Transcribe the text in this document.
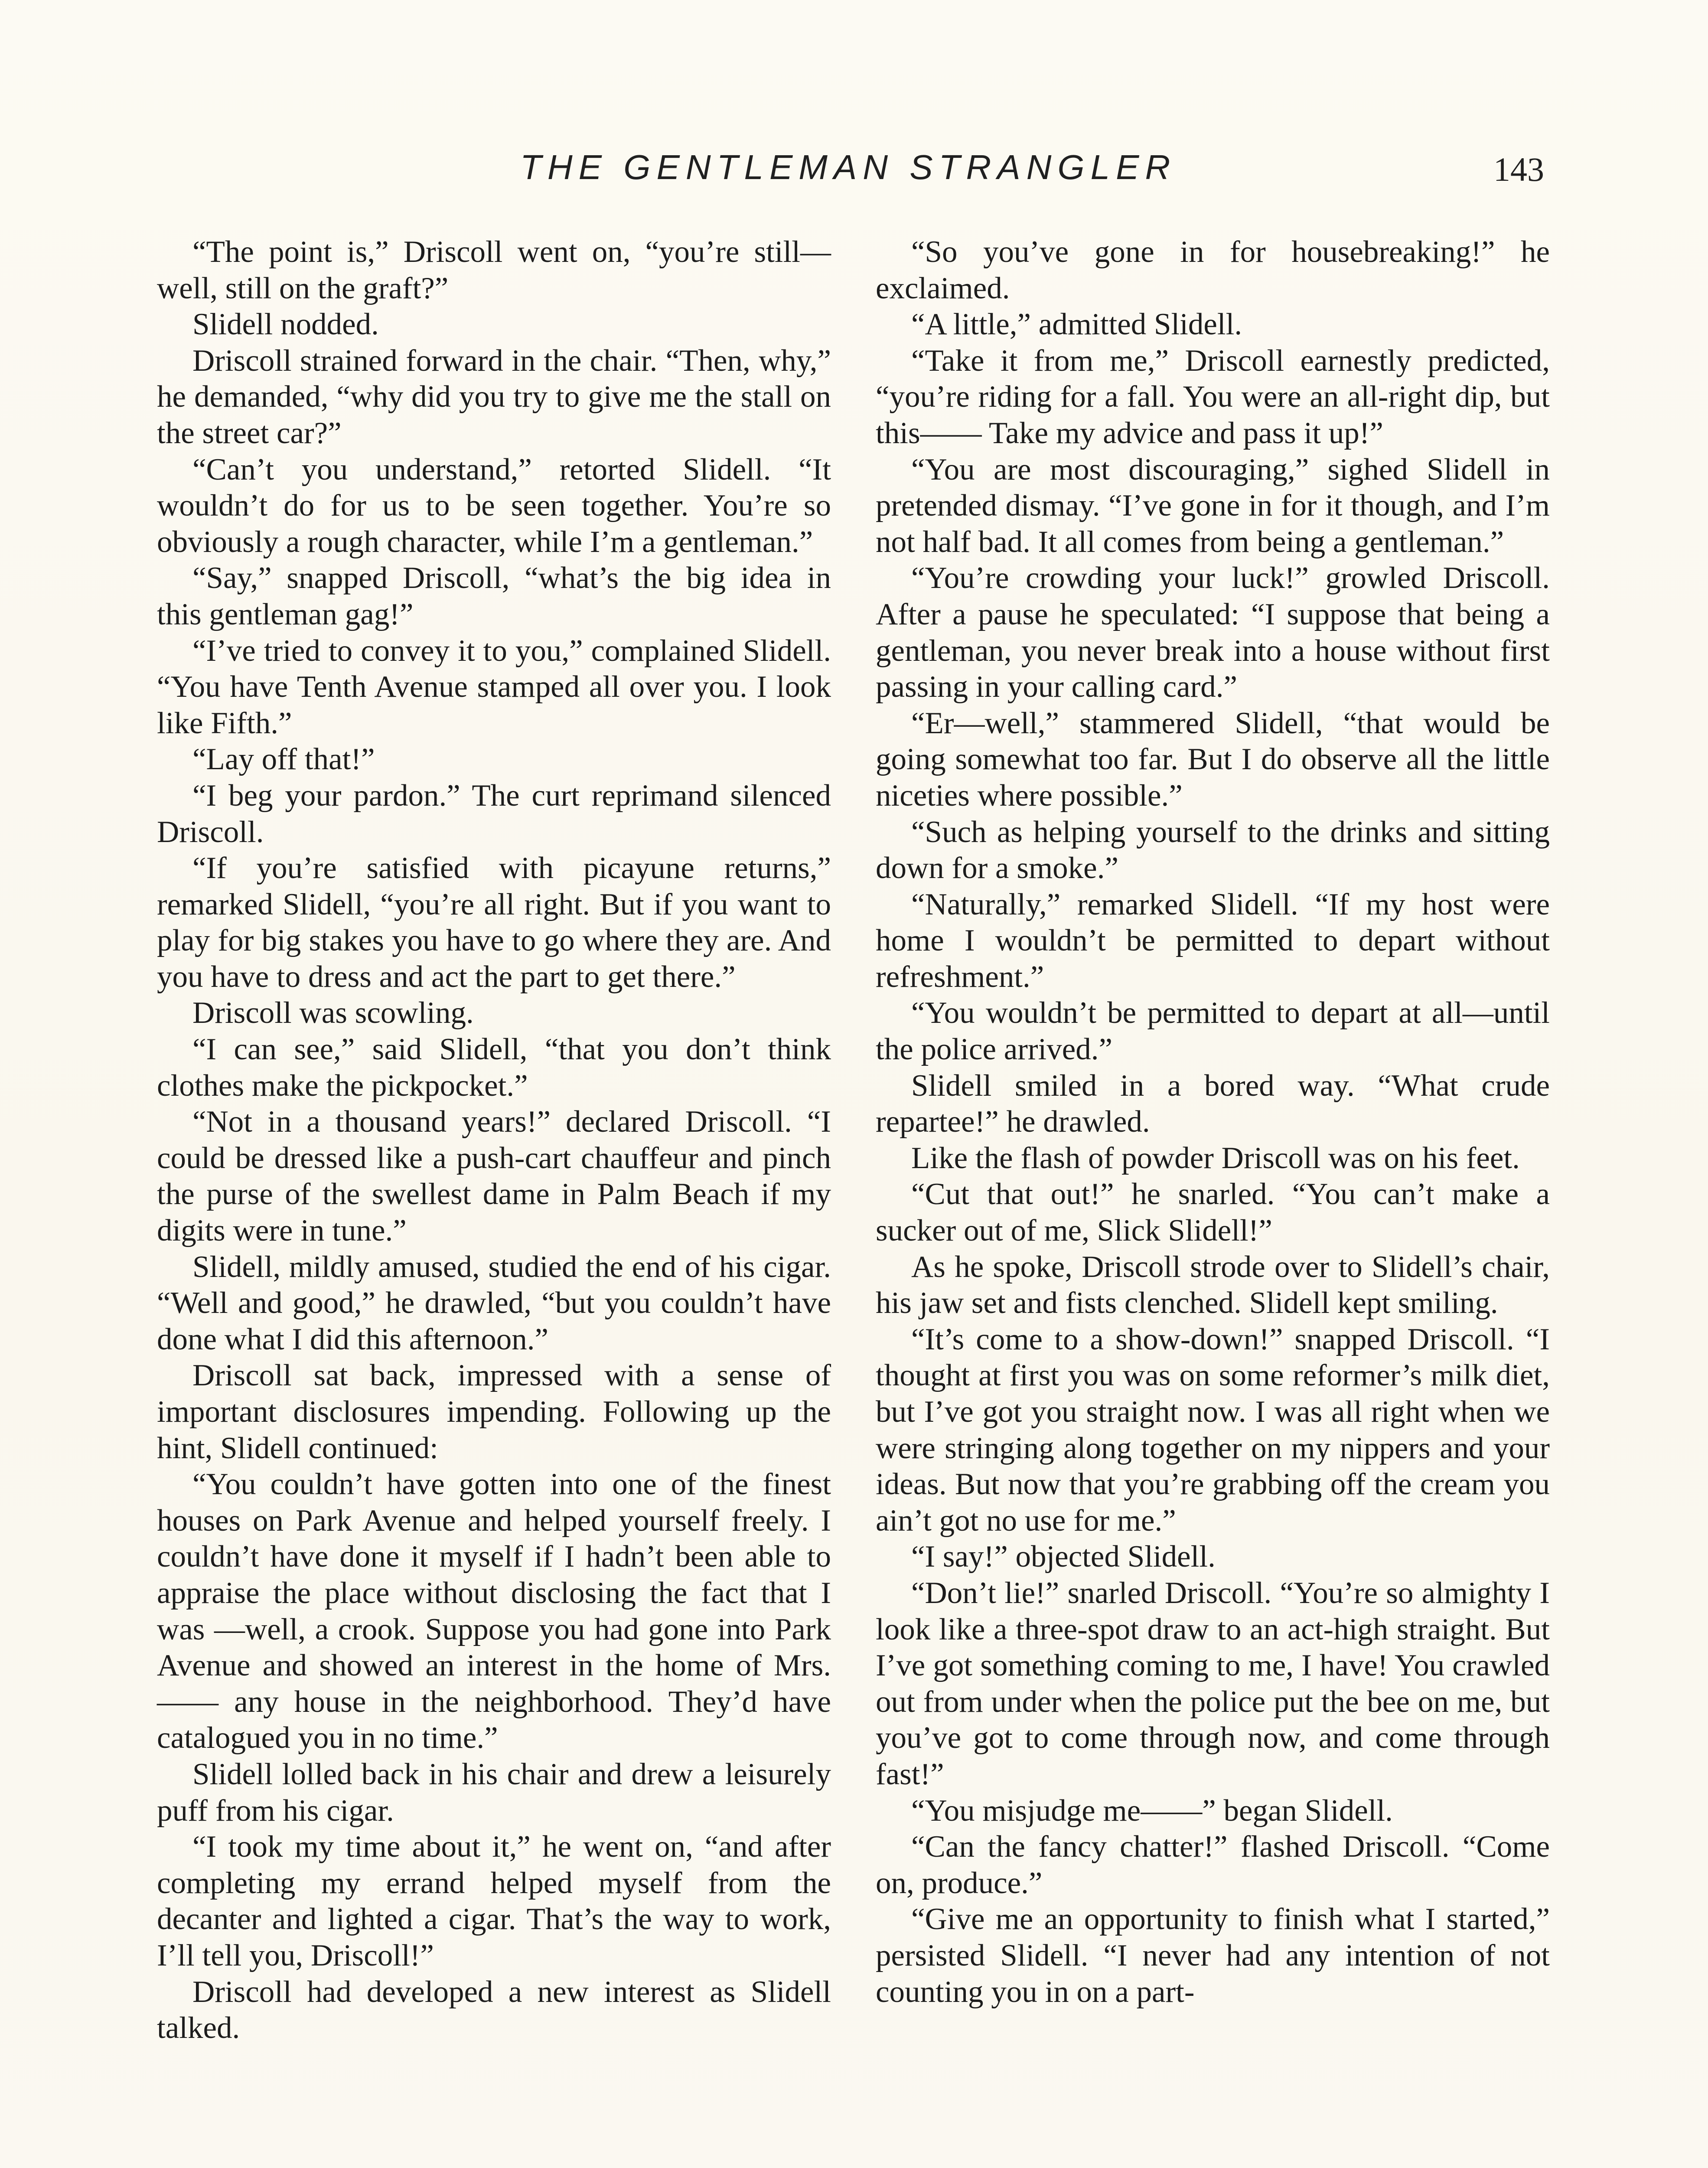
THE GENTLEMAN STRANGLER	143

“The point is,” Driscoll went on, “you’re still—well, still on the graft?”

Slidell nodded.

Driscoll strained forward in the chair. “Then, why,” he demanded, “why did you try to give me the stall on the street car?”

“Can’t you understand,” retorted Slidell. “It wouldn’t do for us to be seen together. You’re so obviously a rough character, while I’m a gentleman.”

“Say,” snapped Driscoll, “what’s the big idea in this gentleman gag!”

“I’ve tried to convey it to you,” complained Slidell. “You have Tenth Avenue stamped all over you. I look like Fifth.”

“Lay off that!”

“I beg your pardon.” The curt reprimand silenced Driscoll.

“If you’re satisfied with picayune returns,” remarked Slidell, “you’re all right. But if you want to play for big stakes you have to go where they are. And you have to dress and act the part to get there.”

Driscoll was scowling.

“I can see,” said Slidell, “that you don’t think clothes make the pickpocket.”

“Not in a thousand years!” declared Driscoll. “I could be dressed like a push-cart chauffeur and pinch the purse of the swellest dame in Palm Beach if my digits were in tune.”

Slidell, mildly amused, studied the end of his cigar. “Well and good,” he drawled, “but you couldn’t have done what I did this afternoon.”

Driscoll sat back, impressed with a sense of important disclosures impending. Following up the hint, Slidell continued:

“You couldn’t have gotten into one of the finest houses on Park Avenue and helped yourself freely. I couldn’t have done it myself if I hadn’t been able to appraise the place without disclosing the fact that I was —well, a crook. Suppose you had gone into Park Avenue and showed an interest in the home of Mrs. —— any house in the neighborhood. They’d have catalogued you in no time.”

Slidell lolled back in his chair and drew a leisurely puff from his cigar.

“I took my time about it,” he went on, “and after completing my errand helped myself from the decanter and lighted a cigar. That’s the way to work, I’ll tell you, Driscoll!”

Driscoll had developed a new interest as Slidell talked.

“So you’ve gone in for housebreaking!” he exclaimed.

“A little,” admitted Slidell.

“Take it from me,” Driscoll earnestly predicted, “you’re riding for a fall. You were an all-right dip, but this—— Take my advice and pass it up!”

“You are most discouraging,” sighed Slidell in pretended dismay. “I’ve gone in for it though, and I’m not half bad. It all comes from being a gentleman.”

“You’re crowding your luck!” growled Driscoll. After a pause he speculated: “I suppose that being a gentleman, you never break into a house without first passing in your calling card.”

“Er—well,” stammered Slidell, “that would be going somewhat too far. But I do observe all the little niceties where possible.”

“Such as helping yourself to the drinks and sitting down for a smoke.”

“Naturally,” remarked Slidell. “If my host were home I wouldn’t be permitted to depart without refreshment.”

“You wouldn’t be permitted to depart at all—until the police arrived.”

Slidell smiled in a bored way. “What crude repartee!” he drawled.

Like the flash of powder Driscoll was on his feet.

“Cut that out!” he snarled. “You can’t make a sucker out of me, Slick Slidell!”

As he spoke, Driscoll strode over to Slidell’s chair, his jaw set and fists clenched. Slidell kept smiling.

“It’s come to a show-down!” snapped Driscoll. “I thought at first you was on some reformer’s milk diet, but I’ve got you straight now. I was all right when we were stringing along together on my nippers and your ideas. But now that you’re grabbing off the cream you ain’t got no use for me.”

“I say!” objected Slidell.

“Don’t lie!” snarled Driscoll. “You’re so almighty I look like a three-spot draw to an act-high straight. But I’ve got something coming to me, I have! You crawled out from under when the police put the bee on me, but you’ve got to come through now, and come through fast!”

“You misjudge me——” began Slidell.

“Can the fancy chatter!” flashed Driscoll. “Come on, produce.”

“Give me an opportunity to finish what I started,” persisted Slidell. “I never had any intention of not counting you in on a part-
